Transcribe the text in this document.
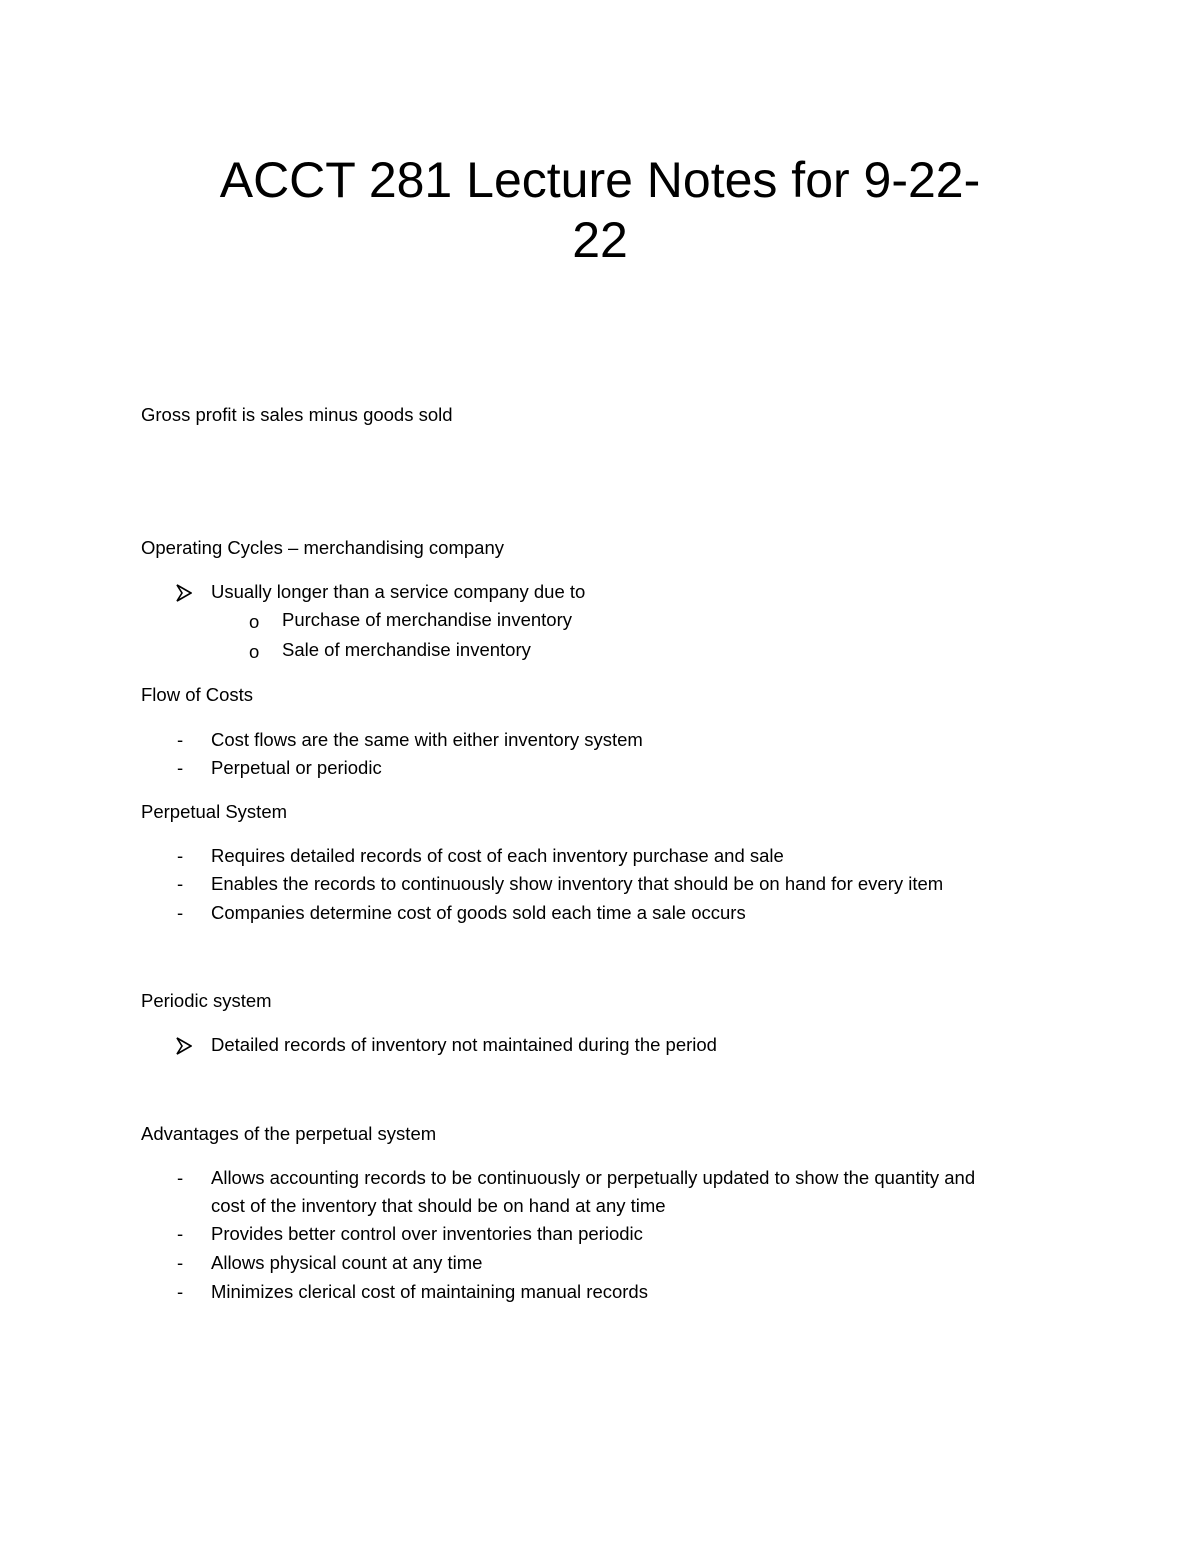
ACCT 281 Lecture Notes for 9-22-
22

Gross profit is sales minus goods sold

Operating Cycles – merchandising company

Usually longer than a service company due to

o Purchase of merchandise inventory

o Sale of merchandise inventory

Flow of Costs

- Cost flows are the same with either inventory system

- Perpetual or periodic

Perpetual System

- Requires detailed records of cost of each inventory purchase and sale

- Enables the records to continuously show inventory that should be on hand for every item

- Companies determine cost of goods sold each time a sale occurs

Periodic system

Detailed records of inventory not maintained during the period

Advantages of the perpetual system

- Allows accounting records to be continuously or perpetually updated to show the quantity and

cost of the inventory that should be on hand at any time

- Provides better control over inventories than periodic

- Allows physical count at any time

- Minimizes clerical cost of maintaining manual records
